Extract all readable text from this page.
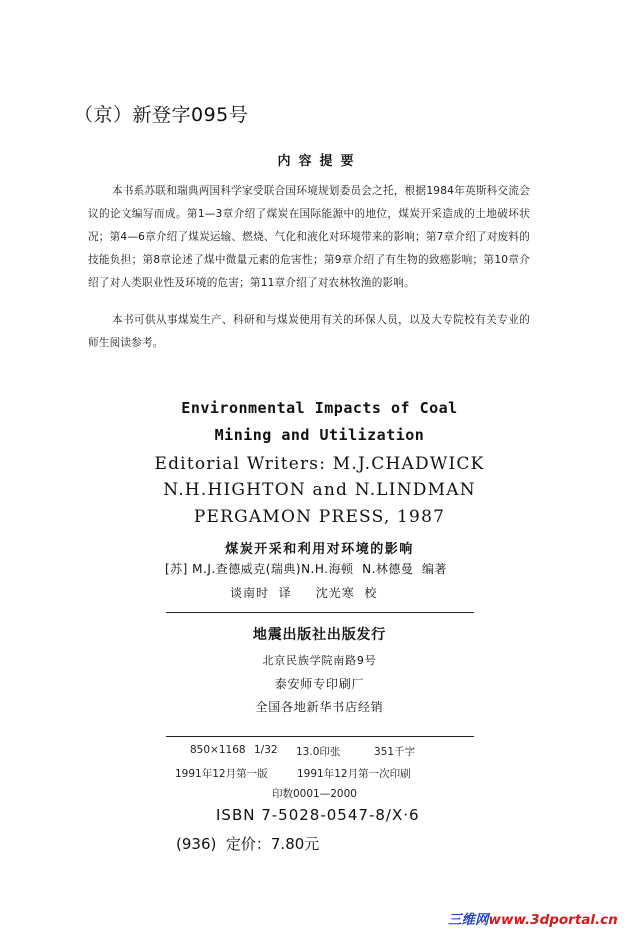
（京）新登字095号
内容提要
本书系苏联和瑞典两国科学家受联合国环境规划委员会之托，根据1984年英斯科交流会议的论文编写而成。第1—3章介绍了煤炭在国际能源中的地位，煤炭开采造成的土地破坏状况；第4—6章介绍了煤炭运输、燃烧、气化和液化对环境带来的影响；第7章介绍了对废料的技能负担；第8章论述了煤中微量元素的危害性；第9章介绍了有生物的致癌影响；第10章介绍了对人类职业性及环境的危害；第11章介绍了对农林牧渔的影响。
本书可供从事煤炭生产、科研和与煤炭使用有关的环保人员，以及大专院校有关专业的师生阅读参考。
Environmental Impacts of Coal
Mining and Utilization
Editorial Writers: M.J.CHADWICK
N.H.HIGHTON and N.LINDMAN
PERGAMON PRESS, 1987
煤炭开采和利用对环境的影响
[苏] M.J.查德威克(瑞典)N.H.海顿  N.林德曼  编著
谈南时  译     沈光寒  校
地震出版社出版发行
北京民族学院南路9号
泰安师专印刷厂
全国各地新华书店经销
850×1168 1/32 13.0印张	351千字
1991年12月第一版	1991年12月第一次印刷
印数0001—2000
ISBN 7-5028-0547-8/X·6
(936) 定价：7.80元
三维网www.3dportal.cn
